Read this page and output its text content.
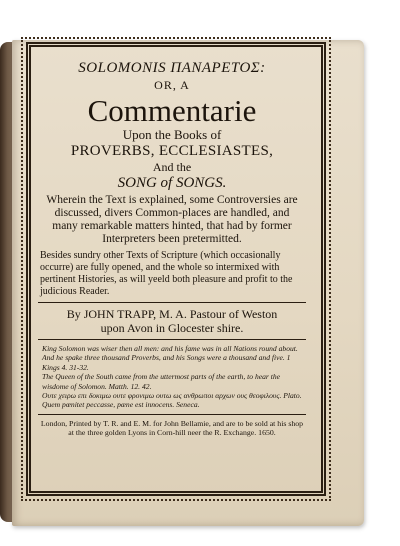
SOLOMONIS ΠΑΝΑΡΕΤΟΣ:
OR, A
Commentarie
Upon the Books of
PROVERBS, ECCLESIASTES,
And the
SONG of SONGS.
Wherein the Text is explained, some Controversies are discussed, divers Common-places are handled, and many remarkable matters hinted, that had by former Interpreters been pretermitted.
Besides sundry other Texts of Scripture (which occasionally occurre) are fully opened, and the whole so intermixed with pertinent Histories, as will yeeld both pleasure and profit to the judicious Reader.
By JOHN TRAPP, M. A. Pastour of Weston
upon Avon in Glocester shire.
King Solomon was wiser then all men: and his fame was in all Nations round about. And he spake three thousand Proverbs, and his Songs were a thousand and five. 1 Kings 4. 31-32.
The Queen of the South came from the uttermost parts of the earth, to hear the wisdome of Solomon. Matth. 12. 42.
Ουτε χειρω επι δοκιμω ουτε φρονιμω ουτω ως ανθρωποι αρχων ους θεοφιλους. Plato.
Quem pœnitet peccasse, pæne est innocens. Seneca.
London, Printed by T. R. and E. M. for John Bellamie, and are to be sold at his shop at the three golden Lyons in Corn-hill neer the R. Exchange. 1650.
